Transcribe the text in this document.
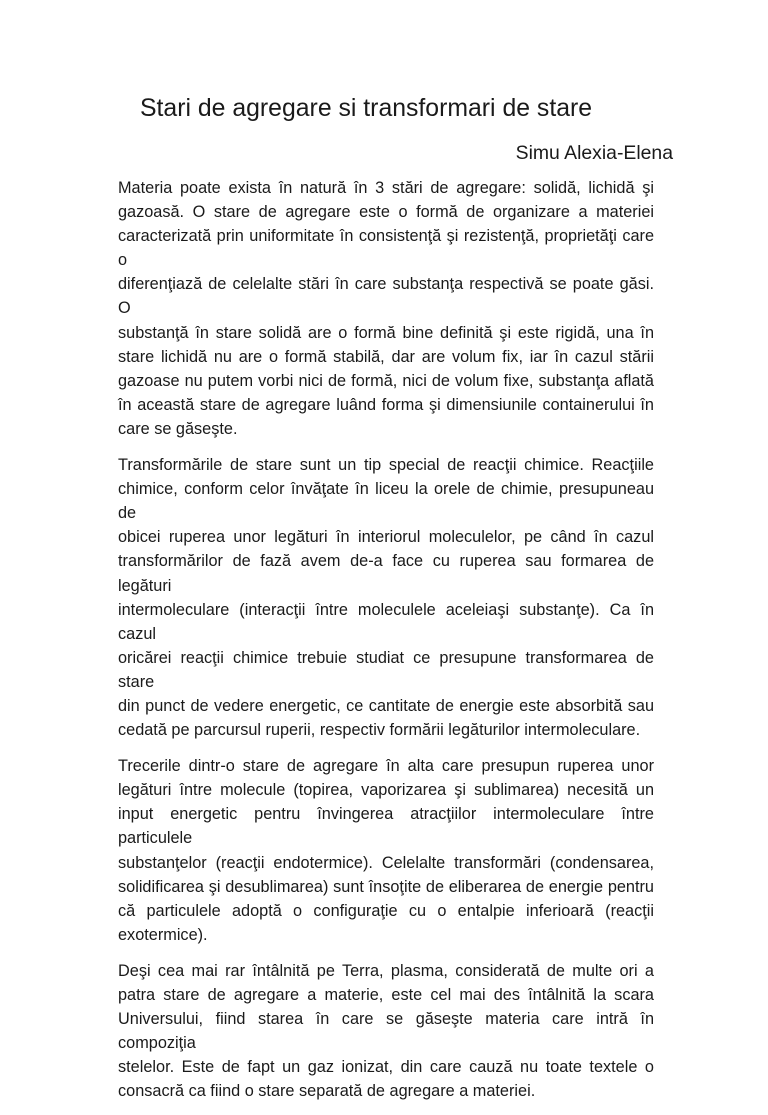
Stari de agregare si transformari de stare
Simu Alexia-Elena
Materia poate exista în natură în 3 stări de agregare: solidă, lichidă şi
gazoasă. O stare de agregare este o formă de organizare a materiei
caracterizată prin uniformitate în consistenţă şi rezistenţă, proprietăţi care o
diferenţiază de celelalte stări în care substanţa respectivă se poate găsi. O
substanţă în stare solidă are o formă bine definită şi este rigidă, una în
stare lichidă nu are o formă stabilă, dar are volum fix, iar în cazul stării
gazoase nu putem vorbi nici de formă, nici de volum fixe, substanţa aflată
în această stare de agregare luând forma şi dimensiunile containerului în
care se găseşte.
Transformările de stare sunt un tip special de reacţii chimice. Reacţiile
chimice, conform celor învăţate în liceu la orele de chimie, presupuneau de
obicei ruperea unor legături în interiorul moleculelor, pe când în cazul
transformărilor de fază avem de-a face cu ruperea sau formarea de legături
intermoleculare (interacţii între moleculele aceleiaşi substanţe). Ca în cazul
oricărei reacţii chimice trebuie studiat ce presupune transformarea de stare
din punct de vedere energetic, ce cantitate de energie este absorbită sau
cedată pe parcursul ruperii, respectiv formării legăturilor intermoleculare.
Trecerile dintr-o stare de agregare în alta care presupun ruperea unor
legături între molecule (topirea, vaporizarea şi sublimarea) necesită un
input energetic pentru învingerea atracţiilor intermoleculare între particulele
substanţelor (reacţii endotermice). Celelalte transformări (condensarea,
solidificarea şi desublimarea) sunt însoţite de eliberarea de energie pentru
că particulele adoptă o configuraţie cu o entalpie inferioară (reacţii
exotermice).
Deşi cea mai rar întâlnită pe Terra, plasma, considerată de multe ori a
patra stare de agregare a materie, este cel mai des întâlnită la scara
Universului, fiind starea în care se găseşte materia care intră în compoziţia
stelelor. Este de fapt un gaz ionizat, din care cauză nu toate textele o
consacră ca fiind o stare separată de agregare a materiei.
